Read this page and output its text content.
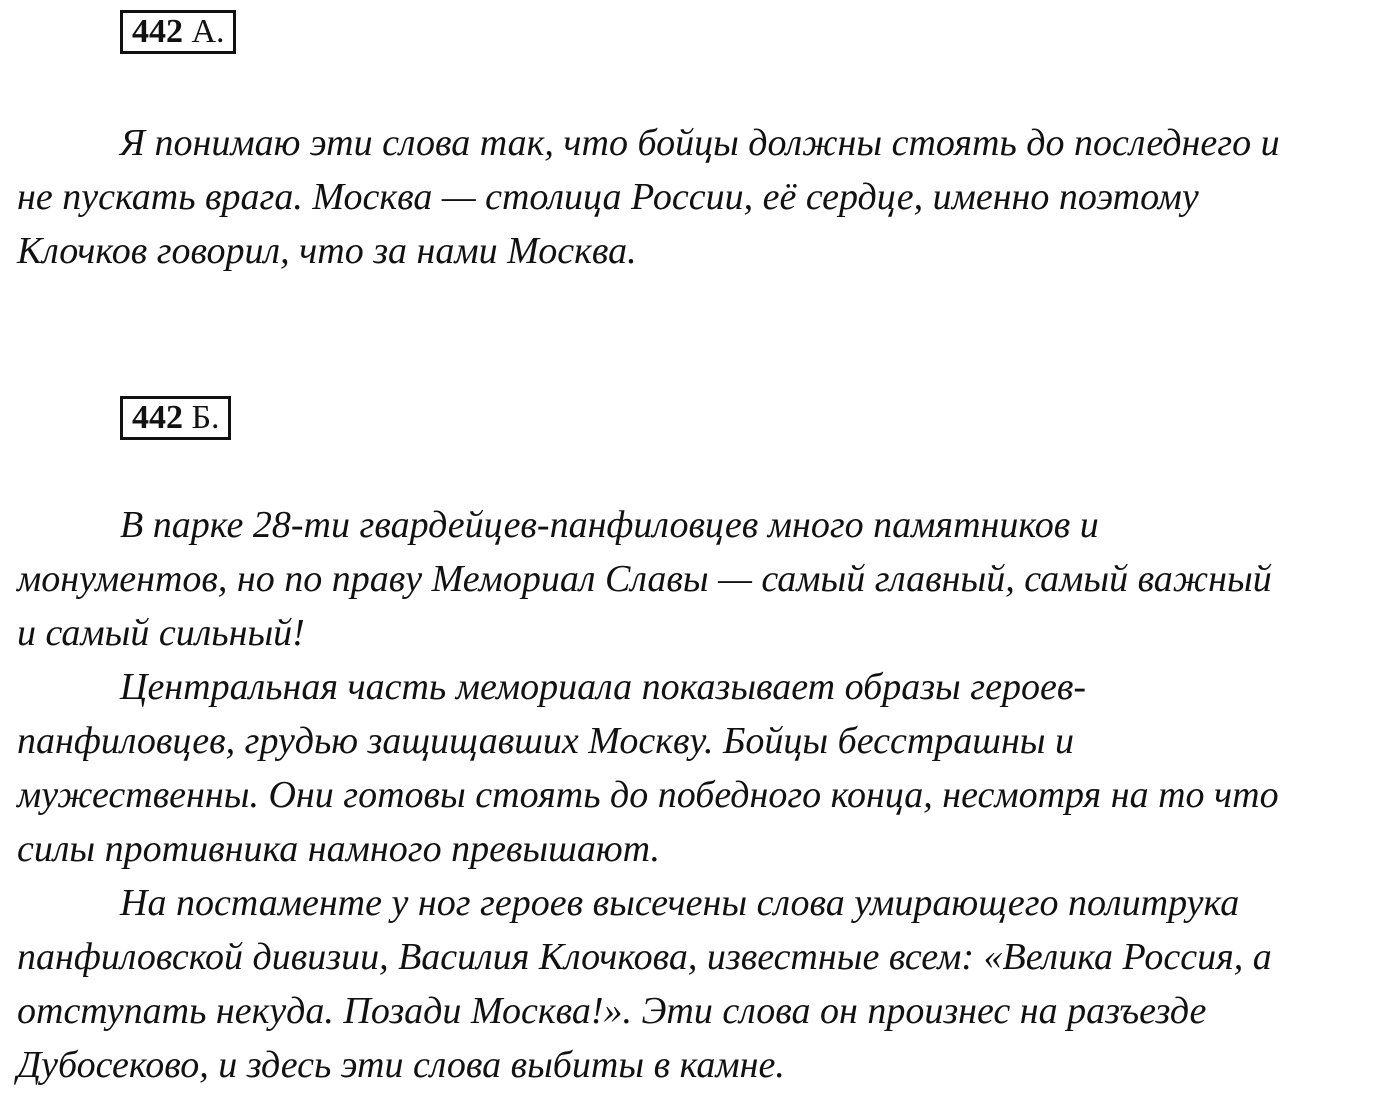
442 А.

Я понимаю эти слова так, что бойцы должны стоять до последнего и
не пускать врага. Москва — столица России, её сердце, именно поэтому
Клочков говорил, что за нами Москва.

442 Б.

В парке 28-ти гвардейцев-панфиловцев много памятников и
монументов, но по праву Мемориал Славы — самый главный, самый важный
и самый сильный!

Центральная часть мемориала показывает образы героев-
панфиловцев, грудью защищавших Москву. Бойцы бесстрашны и
мужественны. Они готовы стоять до победного конца, несмотря на то что
силы противника намного превышают.

На постаменте у ног героев высечены слова умирающего политрука
панфиловской дивизии, Василия Клочкова, известные всем: «Велика Россия, а
отступать некуда. Позади Москва!». Эти слова он произнес на разъезде
Дубосеково, и здесь эти слова выбиты в камне.
